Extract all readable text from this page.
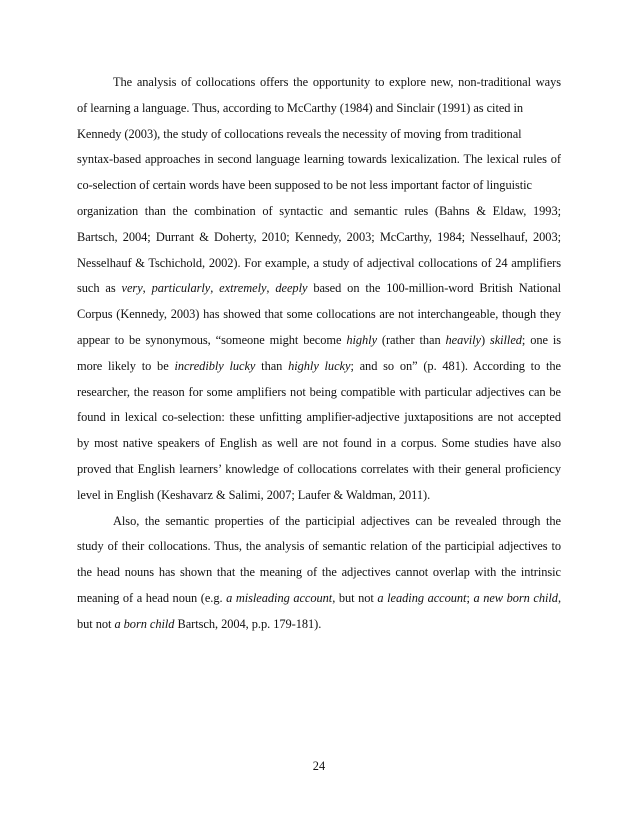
The analysis of collocations offers the opportunity to explore new, non-traditional ways
of learning a language. Thus, according to McCarthy (1984) and Sinclair (1991) as cited in
Kennedy (2003), the study of collocations reveals the necessity of moving from traditional
syntax-based approaches in second language learning towards lexicalization. The lexical rules of
co-selection of certain words have been supposed to be not less important factor of linguistic
organization than the combination of syntactic and semantic rules (Bahns & Eldaw, 1993;
Bartsch, 2004; Durrant & Doherty, 2010; Kennedy, 2003; McCarthy, 1984; Nesselhauf, 2003;
Nesselhauf & Tschichold, 2002). For example, a study of adjectival collocations of 24 amplifiers
such as very, particularly, extremely, deeply based on the 100-million-word British National
Corpus (Kennedy, 2003) has showed that some collocations are not interchangeable, though they
appear to be synonymous, “someone might become highly (rather than heavily) skilled; one is
more likely to be incredibly lucky than highly lucky; and so on” (p. 481). According to the
researcher, the reason for some amplifiers not being compatible with particular adjectives can be
found in lexical co-selection: these unfitting amplifier-adjective juxtapositions are not accepted
by most native speakers of English as well are not found in a corpus. Some studies have also
proved that English learners’ knowledge of collocations correlates with their general proficiency
level in English (Keshavarz & Salimi, 2007; Laufer & Waldman, 2011).
Also, the semantic properties of the participial adjectives can be revealed through the
study of their collocations. Thus, the analysis of semantic relation of the participial adjectives to
the head nouns has shown that the meaning of the adjectives cannot overlap with the intrinsic
meaning of a head noun (e.g. a misleading account, but not a leading account; a new born child,
but not a born child Bartsch, 2004, p.p. 179-181).
24
